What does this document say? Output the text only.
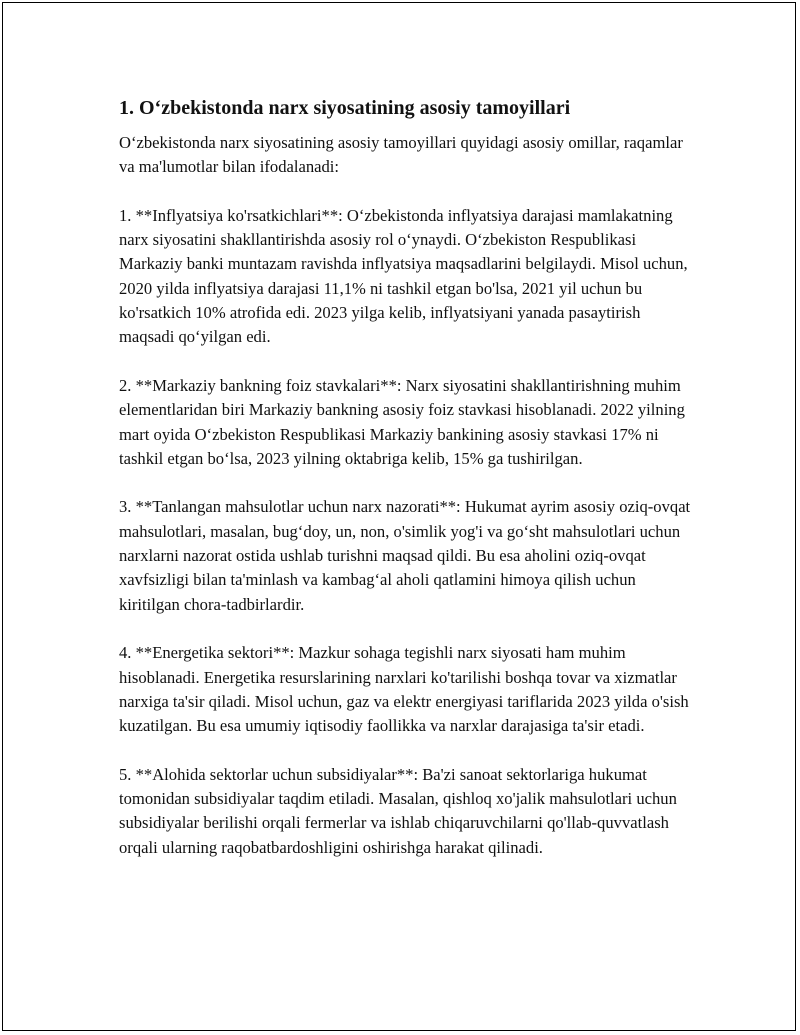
1. O‘zbekistonda narx siyosatining asosiy tamoyillari

O‘zbekistonda narx siyosatining asosiy tamoyillari quyidagi asosiy omillar, raqamlar va ma'lumotlar bilan ifodalanadi:

1. **Inflyatsiya ko'rsatkichlari**: O‘zbekistonda inflyatsiya darajasi mamlakatning narx siyosatini shakllantirishda asosiy rol o‘ynaydi. O‘zbekiston Respublikasi Markaziy banki muntazam ravishda inflyatsiya maqsadlarini belgilaydi. Misol uchun, 2020 yilda inflyatsiya darajasi 11,1% ni tashkil etgan bo'lsa, 2021 yil uchun bu ko'rsatkich 10% atrofida edi. 2023 yilga kelib, inflyatsiyani yanada pasaytirish maqsadi qo‘yilgan edi.

2. **Markaziy bankning foiz stavkalari**: Narx siyosatini shakllantirishning muhim elementlaridan biri Markaziy bankning asosiy foiz stavkasi hisoblanadi. 2022 yilning mart oyida O‘zbekiston Respublikasi Markaziy bankining asosiy stavkasi 17% ni tashkil etgan bo‘lsa, 2023 yilning oktabriga kelib, 15% ga tushirilgan.

3. **Tanlangan mahsulotlar uchun narx nazorati**: Hukumat ayrim asosiy oziq-ovqat mahsulotlari, masalan, bug‘doy, un, non, o'simlik yog'i va go‘sht mahsulotlari uchun narxlarni nazorat ostida ushlab turishni maqsad qildi. Bu esa aholini oziq-ovqat xavfsizligi bilan ta'minlash va kambag‘al aholi qatlamini himoya qilish uchun kiritilgan chora-tadbirlardir.

4. **Energetika sektori**: Mazkur sohaga tegishli narx siyosati ham muhim hisoblanadi. Energetika resurslarining narxlari ko'tarilishi boshqa tovar va xizmatlar narxiga ta'sir qiladi. Misol uchun, gaz va elektr energiyasi tariflarida 2023 yilda o'sish kuzatilgan. Bu esa umumiy iqtisodiy faollikka va narxlar darajasiga ta'sir etadi.

5. **Alohida sektorlar uchun subsidiyalar**: Ba'zi sanoat sektorlariga hukumat tomonidan subsidiyalar taqdim etiladi. Masalan, qishloq xo'jalik mahsulotlari uchun subsidiyalar berilishi orqali fermerlar va ishlab chiqaruvchilarni qo'llab-quvvatlash orqali ularning raqobatbardoshligini oshirishga harakat qilinadi.
